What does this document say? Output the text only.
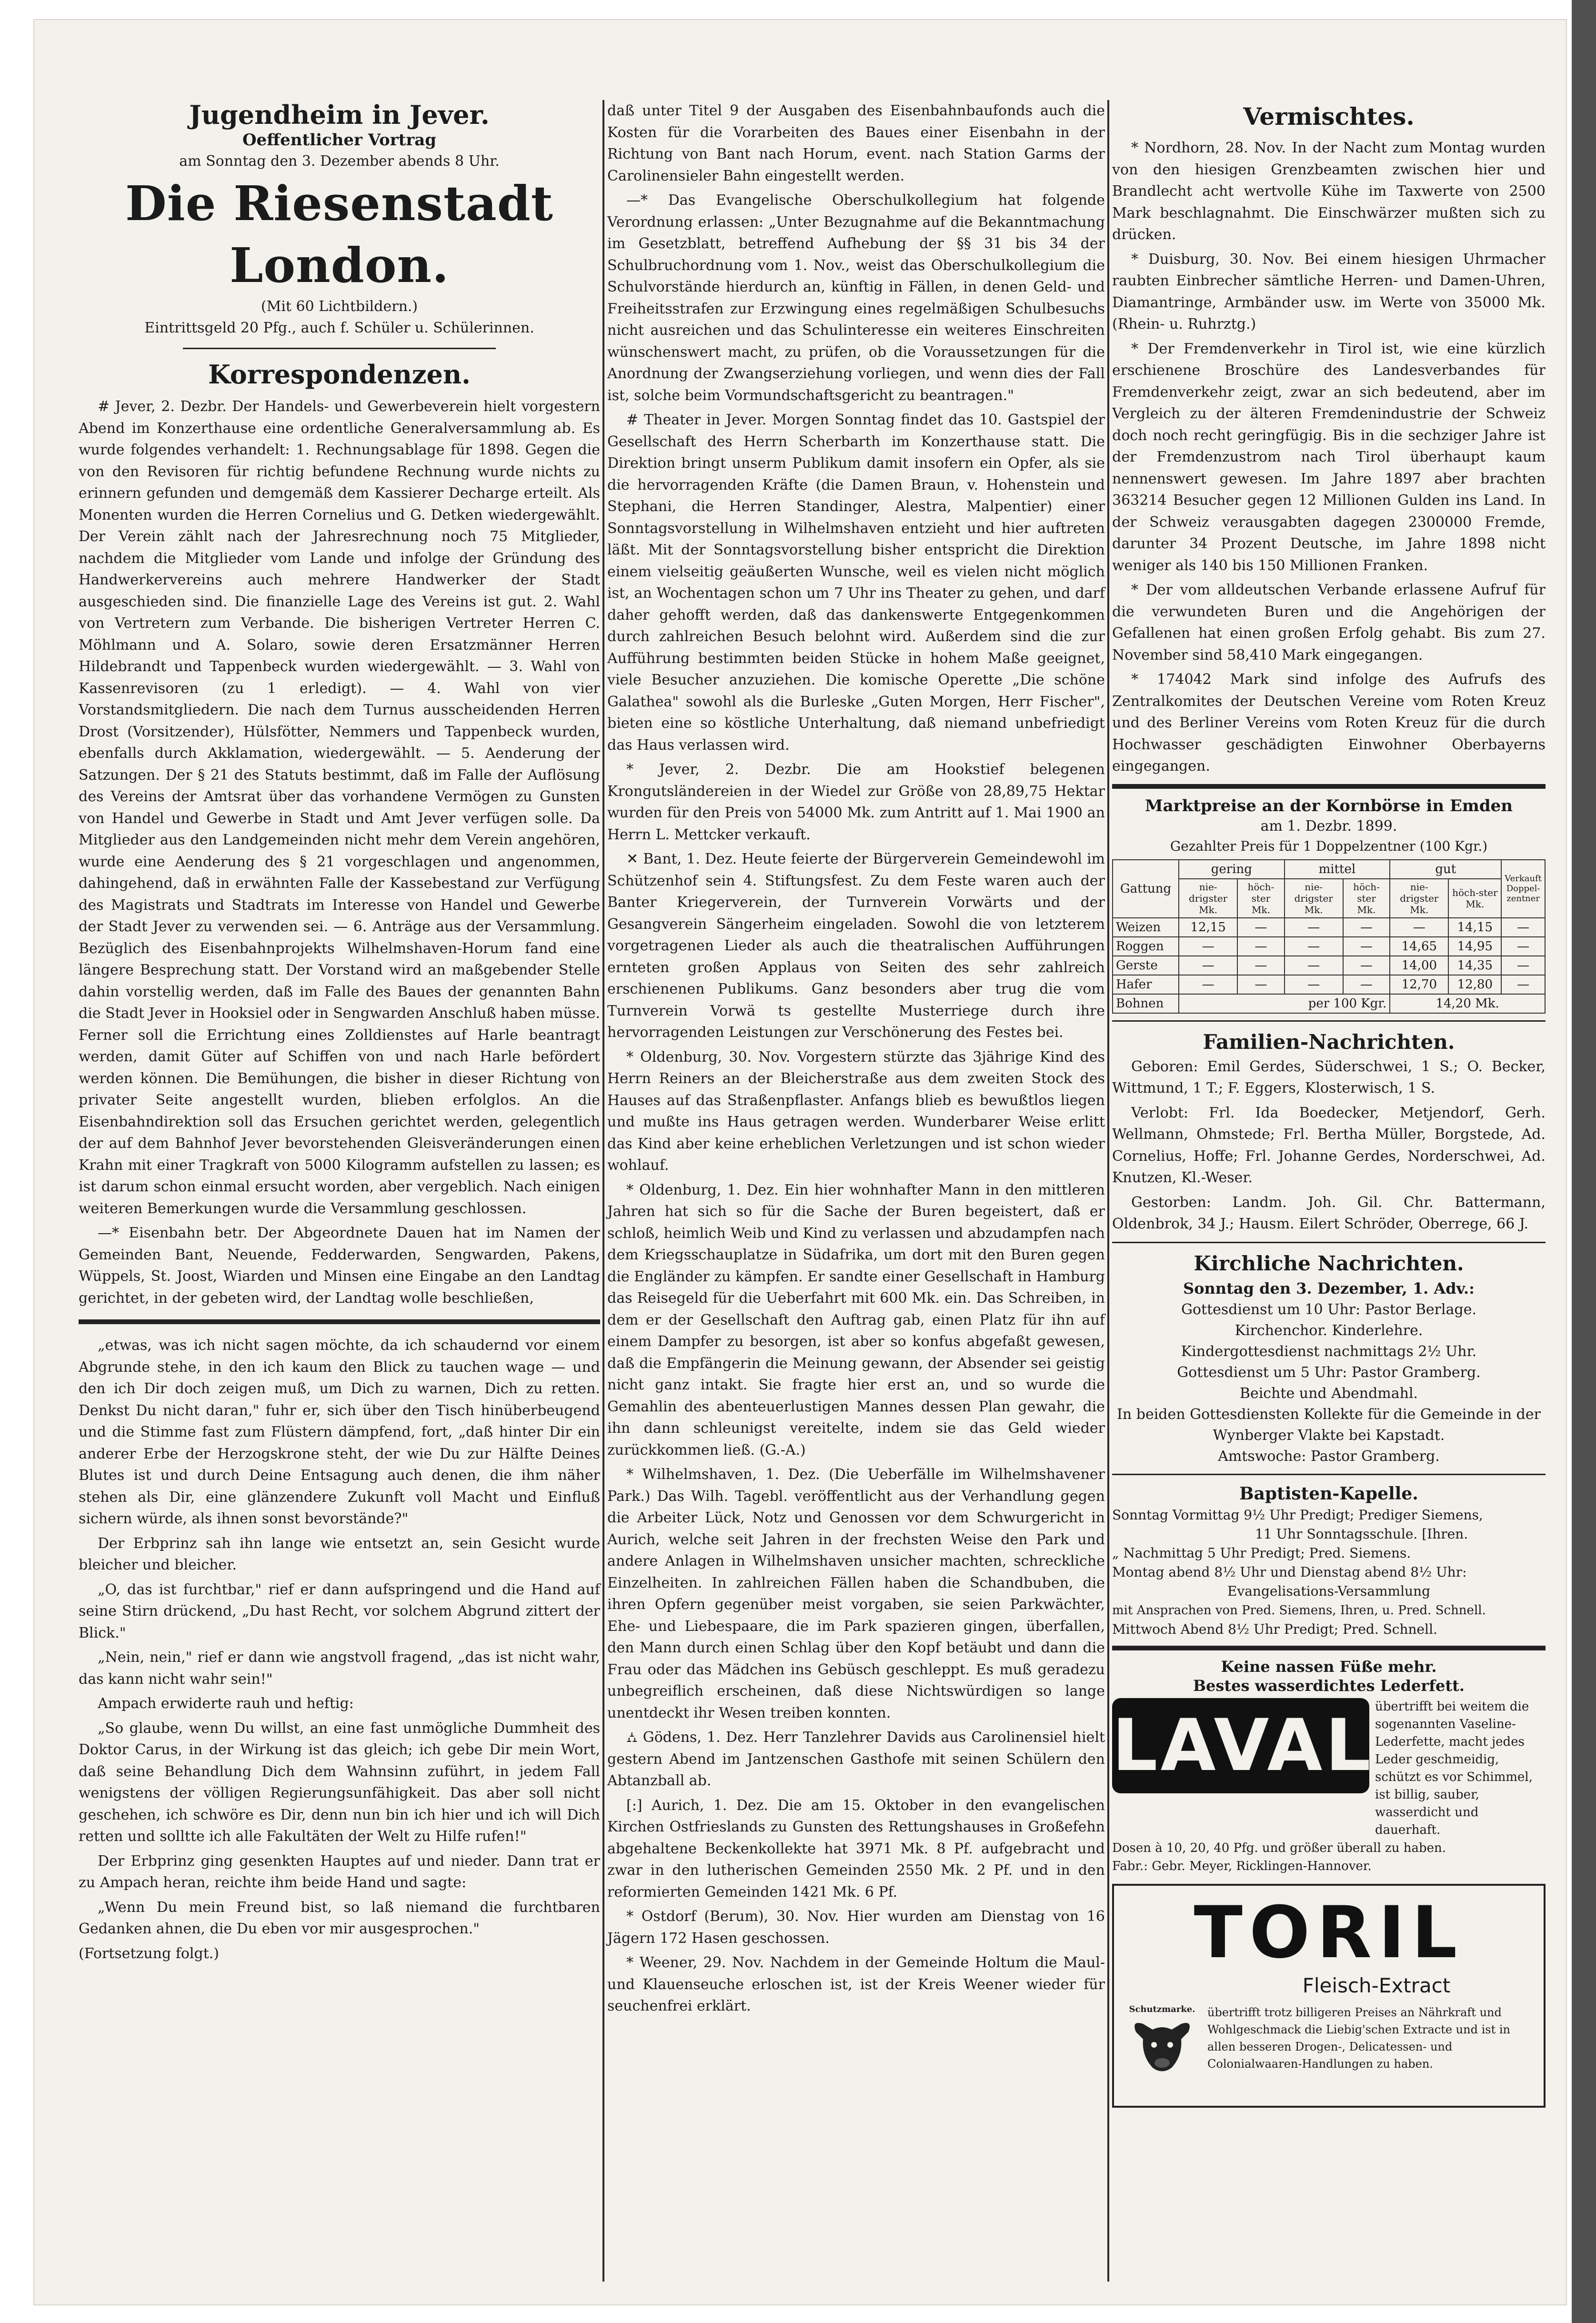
Jugendheim in Jever.
Oeffentlicher Vortrag
am Sonntag den 3. Dezember abends 8 Uhr.
Die Riesenstadt London.
(Mit 60 Lichtbildern.)
Eintrittsgeld 20 Pfg., auch f. Schüler u. Schülerinnen.
Korrespondenzen.

# Jever, 2. Dezbr. Der Handels- und Gewerbeverein hielt vorgestern Abend im Konzerthause eine ordentliche Generalversammlung ab. Es wurde folgendes verhandelt: 1. Rechnungsablage für 1898. Gegen die von den Revisoren für richtig befundene Rechnung wurde nichts zu erinnern gefunden und demgemäß dem Kassierer Decharge erteilt. Als Monenten wurden die Herren Cornelius und G. Detken wiedergewählt. Der Verein zählt nach der Jahresrechnung noch 75 Mitglieder, nachdem die Mitglieder vom Lande und infolge der Gründung des Handwerkervereins auch mehrere Handwerker der Stadt ausgeschieden sind. Die finanzielle Lage des Vereins ist gut. 2. Wahl von Vertretern zum Verbande. Die bisherigen Vertreter Herren C. Möhlmann und A. Solaro, sowie deren Ersatzmänner Herren Hildebrandt und Tappenbeck wurden wiedergewählt. — 3. Wahl von Kassenrevisoren (zu 1 erledigt). — 4. Wahl von vier Vorstandsmitgliedern. Die nach dem Turnus ausscheidenden Herren Drost (Vorsitzender), Hülsfötter, Nemmers und Tappenbeck wurden, ebenfalls durch Akklamation, wiedergewählt. — 5. Aenderung der Satzungen. Der § 21 des Statuts bestimmt, daß im Falle der Auflösung des Vereins der Amtsrat über das vorhandene Vermögen zu Gunsten von Handel und Gewerbe in Stadt und Amt Jever verfügen solle. Da Mitglieder aus den Landgemeinden nicht mehr dem Verein angehören, wurde eine Aenderung des § 21 vorgeschlagen und angenommen, dahingehend, daß in erwähnten Falle der Kassebestand zur Verfügung des Magistrats und Stadtrats im Interesse von Handel und Gewerbe der Stadt Jever zu verwenden sei. — 6. Anträge aus der Versammlung. Bezüglich des Eisenbahnprojekts Wilhelmshaven-Horum fand eine längere Besprechung statt. Der Vorstand wird an maßgebender Stelle dahin vorstellig werden, daß im Falle des Baues der genannten Bahn die Stadt Jever in Hooksiel oder in Sengwarden Anschluß haben müsse. Ferner soll die Errichtung eines Zolldienstes auf Harle beantragt werden, damit Güter auf Schiffen von und nach Harle befördert werden können. Die Bemühungen, die bisher in dieser Richtung von privater Seite angestellt wurden, blieben erfolglos. An die Eisenbahndirektion soll das Ersuchen gerichtet werden, gelegentlich der auf dem Bahnhof Jever bevorstehenden Gleisveränderungen einen Krahn mit einer Tragkraft von 5000 Kilogramm aufstellen zu lassen; es ist darum schon einmal ersucht worden, aber vergeblich. Nach einigen weiteren Bemerkungen wurde die Versammlung geschlossen.

—* Eisenbahn betr. Der Abgeordnete Dauen hat im Namen der Gemeinden Bant, Neuende, Fedderwarden, Sengwarden, Pakens, Wüppels, St. Joost, Wiarden und Minsen eine Eingabe an den Landtag gerichtet, in der gebeten wird, der Landtag wolle beschließen,

„etwas, was ich nicht sagen möchte, da ich schaudernd vor einem Abgrunde stehe, in den ich kaum den Blick zu tauchen wage — und den ich Dir doch zeigen muß, um Dich zu warnen, Dich zu retten. Denkst Du nicht daran," fuhr er, sich über den Tisch hinüberbeugend und die Stimme fast zum Flüstern dämpfend, fort, „daß hinter Dir ein anderer Erbe der Herzogskrone steht, der wie Du zur Hälfte Deines Blutes ist und durch Deine Entsagung auch denen, die ihm näher stehen als Dir, eine glänzendere Zukunft voll Macht und Einfluß sichern würde, als ihnen sonst bevorstände?"

Der Erbprinz sah ihn lange wie entsetzt an, sein Gesicht wurde bleicher und bleicher.

„O, das ist furchtbar," rief er dann aufspringend und die Hand auf seine Stirn drückend, „Du hast Recht, vor solchem Abgrund zittert der Blick."

„Nein, nein," rief er dann wie angstvoll fragend, „das ist nicht wahr, das kann nicht wahr sein!"

Ampach erwiderte rauh und heftig:

„So glaube, wenn Du willst, an eine fast unmögliche Dummheit des Doktor Carus, in der Wirkung ist das gleich; ich gebe Dir mein Wort, daß seine Behandlung Dich dem Wahnsinn zuführt, in jedem Fall wenigstens der völligen Regierungsunfähigkeit. Das aber soll nicht geschehen, ich schwöre es Dir, denn nun bin ich hier und ich will Dich retten und solltte ich alle Fakultäten der Welt zu Hilfe rufen!"

Der Erbprinz ging gesenkten Hauptes auf und nieder. Dann trat er zu Ampach heran, reichte ihm beide Hand und sagte:

„Wenn Du mein Freund bist, so laß niemand die furchtbaren Gedanken ahnen, die Du eben vor mir ausgesprochen."

(Fortsetzung folgt.)

daß unter Titel 9 der Ausgaben des Eisenbahnbaufonds auch die Kosten für die Vorarbeiten des Baues einer Eisenbahn in der Richtung von Bant nach Horum, event. nach Station Garms der Carolinensieler Bahn eingestellt werden.

—* Das Evangelische Oberschulkollegium hat folgende Verordnung erlassen: „Unter Bezugnahme auf die Bekanntmachung im Gesetzblatt, betreffend Aufhebung der §§ 31 bis 34 der Schulbruchordnung vom 1. Nov., weist das Oberschulkollegium die Schulvorstände hierdurch an, künftig in Fällen, in denen Geld- und Freiheitsstrafen zur Erzwingung eines regelmäßigen Schulbesuchs nicht ausreichen und das Schulinteresse ein weiteres Einschreiten wünschenswert macht, zu prüfen, ob die Voraussetzungen für die Anordnung der Zwangserziehung vorliegen, und wenn dies der Fall ist, solche beim Vormundschaftsgericht zu beantragen."

# Theater in Jever. Morgen Sonntag findet das 10. Gastspiel der Gesellschaft des Herrn Scherbarth im Konzerthause statt. Die Direktion bringt unserm Publikum damit insofern ein Opfer, als sie die hervorragenden Kräfte (die Damen Braun, v. Hohenstein und Stephani, die Herren Standinger, Alestra, Malpentier) einer Sonntagsvorstellung in Wilhelmshaven entzieht und hier auftreten läßt. Mit der Sonntagsvorstellung bisher entspricht die Direktion einem vielseitig geäußerten Wunsche, weil es vielen nicht möglich ist, an Wochentagen schon um 7 Uhr ins Theater zu gehen, und darf daher gehofft werden, daß das dankenswerte Entgegenkommen durch zahlreichen Besuch belohnt wird. Außerdem sind die zur Aufführung bestimmten beiden Stücke in hohem Maße geeignet, viele Besucher anzuziehen. Die komische Operette „Die schöne Galathea" sowohl als die Burleske „Guten Morgen, Herr Fischer", bieten eine so köstliche Unterhaltung, daß niemand unbefriedigt das Haus verlassen wird.

* Jever, 2. Dezbr. Die am Hookstief belegenen Krongutsländereien in der Wiedel zur Größe von 28,89,75 Hektar wurden für den Preis von 54000 Mk. zum Antritt auf 1. Mai 1900 an Herrn L. Mettcker verkauft.

✕ Bant, 1. Dez. Heute feierte der Bürgerverein Gemeindewohl im Schützenhof sein 4. Stiftungsfest. Zu dem Feste waren auch der Banter Kriegerverein, der Turnverein Vorwärts und der Gesangverein Sängerheim eingeladen. Sowohl die von letzterem vorgetragenen Lieder als auch die theatralischen Aufführungen ernteten großen Applaus von Seiten des sehr zahlreich erschienenen Publikums. Ganz besonders aber trug die vom Turnverein Vorwä ts gestellte Musterriege durch ihre hervorragenden Leistungen zur Verschönerung des Festes bei.

* Oldenburg, 30. Nov. Vorgestern stürzte das 3jährige Kind des Herrn Reiners an der Bleicherstraße aus dem zweiten Stock des Hauses auf das Straßenpflaster. Anfangs blieb es bewußtlos liegen und mußte ins Haus getragen werden. Wunderbarer Weise erlitt das Kind aber keine erheblichen Verletzungen und ist schon wieder wohlauf.

* Oldenburg, 1. Dez. Ein hier wohnhafter Mann in den mittleren Jahren hat sich so für die Sache der Buren begeistert, daß er schloß, heimlich Weib und Kind zu verlassen und abzudampfen nach dem Kriegsschauplatze in Südafrika, um dort mit den Buren gegen die Engländer zu kämpfen. Er sandte einer Gesellschaft in Hamburg das Reisegeld für die Ueberfahrt mit 600 Mk. ein. Das Schreiben, in dem er der Gesellschaft den Auftrag gab, einen Platz für ihn auf einem Dampfer zu besorgen, ist aber so konfus abgefaßt gewesen, daß die Empfängerin die Meinung gewann, der Absender sei geistig nicht ganz intakt. Sie fragte hier erst an, und so wurde die Gemahlin des abenteuerlustigen Mannes dessen Plan gewahr, die ihn dann schleunigst vereitelte, indem sie das Geld wieder zurückkommen ließ. (G.-A.)

* Wilhelmshaven, 1. Dez. (Die Ueberfälle im Wilhelmshavener Park.) Das Wilh. Tagebl. veröffentlicht aus der Verhandlung gegen die Arbeiter Lück, Notz und Genossen vor dem Schwurgericht in Aurich, welche seit Jahren in der frechsten Weise den Park und andere Anlagen in Wilhelmshaven unsicher machten, schreckliche Einzelheiten. In zahlreichen Fällen haben die Schandbuben, die ihren Opfern gegenüber meist vorgaben, sie seien Parkwächter, Ehe- und Liebespaare, die im Park spazieren gingen, überfallen, den Mann durch einen Schlag über den Kopf betäubt und dann die Frau oder das Mädchen ins Gebüsch geschleppt. Es muß geradezu unbegreiflich erscheinen, daß diese Nichtswürdigen so lange unentdeckt ihr Wesen treiben konnten.

⛼ Gödens, 1. Dez. Herr Tanzlehrer Davids aus Carolinensiel hielt gestern Abend im Jantzenschen Gasthofe mit seinen Schülern den Abtanzball ab.

[:] Aurich, 1. Dez. Die am 15. Oktober in den evangelischen Kirchen Ostfrieslands zu Gunsten des Rettungshauses in Großefehn abgehaltene Beckenkollekte hat 3971 Mk. 8 Pf. aufgebracht und zwar in den lutherischen Gemeinden 2550 Mk. 2 Pf. und in den reformierten Gemeinden 1421 Mk. 6 Pf.

* Ostdorf (Berum), 30. Nov. Hier wurden am Dienstag von 16 Jägern 172 Hasen geschossen.

* Weener, 29. Nov. Nachdem in der Gemeinde Holtum die Maul- und Klauenseuche erloschen ist, ist der Kreis Weener wieder für seuchenfrei erklärt.

Vermischtes.

* Nordhorn, 28. Nov. In der Nacht zum Montag wurden von den hiesigen Grenzbeamten zwischen hier und Brandlecht acht wertvolle Kühe im Taxwerte von 2500 Mark beschlagnahmt. Die Einschwärzer mußten sich zu drücken.

* Duisburg, 30. Nov. Bei einem hiesigen Uhrmacher raubten Einbrecher sämtliche Herren- und Damen-Uhren, Diamantringe, Armbänder usw. im Werte von 35000 Mk. (Rhein- u. Ruhrztg.)

* Der Fremdenverkehr in Tirol ist, wie eine kürzlich erschienene Broschüre des Landesverbandes für Fremdenverkehr zeigt, zwar an sich bedeutend, aber im Vergleich zu der älteren Fremdenindustrie der Schweiz doch noch recht geringfügig. Bis in die sechziger Jahre ist der Fremdenzustrom nach Tirol überhaupt kaum nennenswert gewesen. Im Jahre 1897 aber brachten 363214 Besucher gegen 12 Millionen Gulden ins Land. In der Schweiz verausgabten dagegen 2300000 Fremde, darunter 34 Prozent Deutsche, im Jahre 1898 nicht weniger als 140 bis 150 Millionen Franken.

* Der vom alldeutschen Verbande erlassene Aufruf für die verwundeten Buren und die Angehörigen der Gefallenen hat einen großen Erfolg gehabt. Bis zum 27. November sind 58,410 Mark eingegangen.

* 174042 Mark sind infolge des Aufrufs des Zentralkomites der Deutschen Vereine vom Roten Kreuz und des Berliner Vereins vom Roten Kreuz für die durch Hochwasser geschädigten Einwohner Oberbayerns eingegangen.

Marktpreise an der Kornbörse in Emden
am 1. Dezbr. 1899.
Gezahlter Preis für 1 Doppelzentner (100 Kgr.)
Gattung	gering		mittel		gut		Verkauft Doppel-zentner
	nie-drigster Mk.	höch-ster Mk.	nie-drigster Mk.	höch-ster Mk.	nie-drigster Mk.	höch-ster Mk.	
Weizen	12,15	—	—	—	—	14,15	—
Roggen	—	—	—	—	14,65	14,95	—
Gerste	—	—	—	—	14,00	14,35	—
Hafer	—	—	—	—	12,70	12,80	—
Bohnen	per 100 Kgr.				14,20 Mk.		
Familien-Nachrichten.

Geboren: Emil Gerdes, Süderschwei, 1 S.; O. Becker, Wittmund, 1 T.; F. Eggers, Klosterwisch, 1 S.

Verlobt: Frl. Ida Boedecker, Metjendorf, Gerh. Wellmann, Ohmstede; Frl. Bertha Müller, Borgstede, Ad. Cornelius, Hoffe; Frl. Johanne Gerdes, Norderschwei, Ad. Knutzen, Kl.-Weser.

Gestorben: Landm. Joh. Gil. Chr. Battermann, Oldenbrok, 34 J.; Hausm. Eilert Schröder, Oberrege, 66 J.

Kirchliche Nachrichten.
Sonntag den 3. Dezember, 1. Adv.:
Gottesdienst um 10 Uhr: Pastor Berlage.
Kirchenchor. Kinderlehre.
Kindergottesdienst nachmittags 2½ Uhr.
Gottesdienst um 5 Uhr: Pastor Gramberg.
Beichte und Abendmahl.
In beiden Gottesdiensten Kollekte für die Gemeinde in der Wynberger Vlakte bei Kapstadt.
Amtswoche: Pastor Gramberg.
Baptisten-Kapelle.
Sonntag Vormittag 9½ Uhr Predigt; Prediger Siemens,
11 Uhr Sonntagsschule. [Ihren.
„ Nachmittag 5 Uhr Predigt; Pred. Siemens.
Montag abend 8½ Uhr und Dienstag abend 8½ Uhr:
Evangelisations-Versammlung
mit Ansprachen von Pred. Siemens, Ihren, u. Pred. Schnell.
Mittwoch Abend 8½ Uhr Predigt; Pred. Schnell.
Keine nassen Füße mehr.
Bestes wasserdichtes Lederfett.
LAVAL übertrifft bei weitem die sogenannten Vaseline-Lederfette, macht jedes Leder geschmeidig, schützt es vor Schimmel, ist billig, sauber, wasserdicht und dauerhaft.
Dosen à 10, 20, 40 Pfg. und größer überall zu haben.
Fabr.: Gebr. Meyer, Ricklingen-Hannover.
TORIL
Fleisch-Extract
Schutzmarke.	übertrifft trotz billigeren Preises an Nährkraft und Wohlgeschmack die Liebig'schen Extracte und ist in allen besseren Drogen-, Delicatessen- und Colonialwaaren-Handlungen zu haben.
